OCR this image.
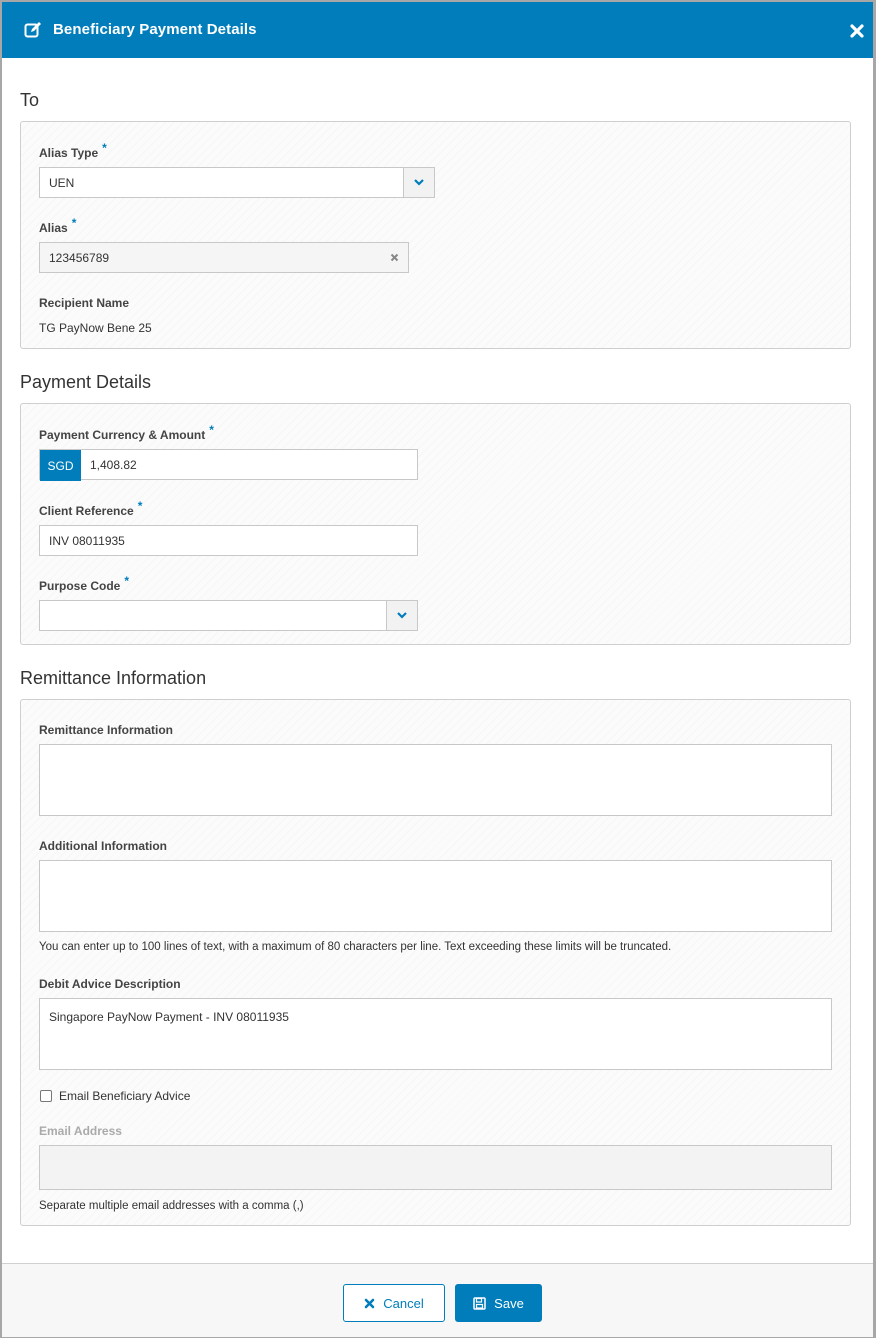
Beneficiary Payment Details
To
Alias Type *
UEN
Alias *
123456789
Recipient Name
TG PayNow Bene 25
Payment Details
Payment Currency & Amount *
SGD	1,408.82
Client Reference *
INV 08011935
Purpose Code *
Remittance Information
Remittance Information
Additional Information
You can enter up to 100 lines of text, with a maximum of 80 characters per line. Text exceeding these limits will be truncated.
Debit Advice Description
Singapore PayNow Payment - INV 08011935
Email Beneficiary Advice
Email Address
Separate multiple email addresses with a comma (,)
Cancel	Save
